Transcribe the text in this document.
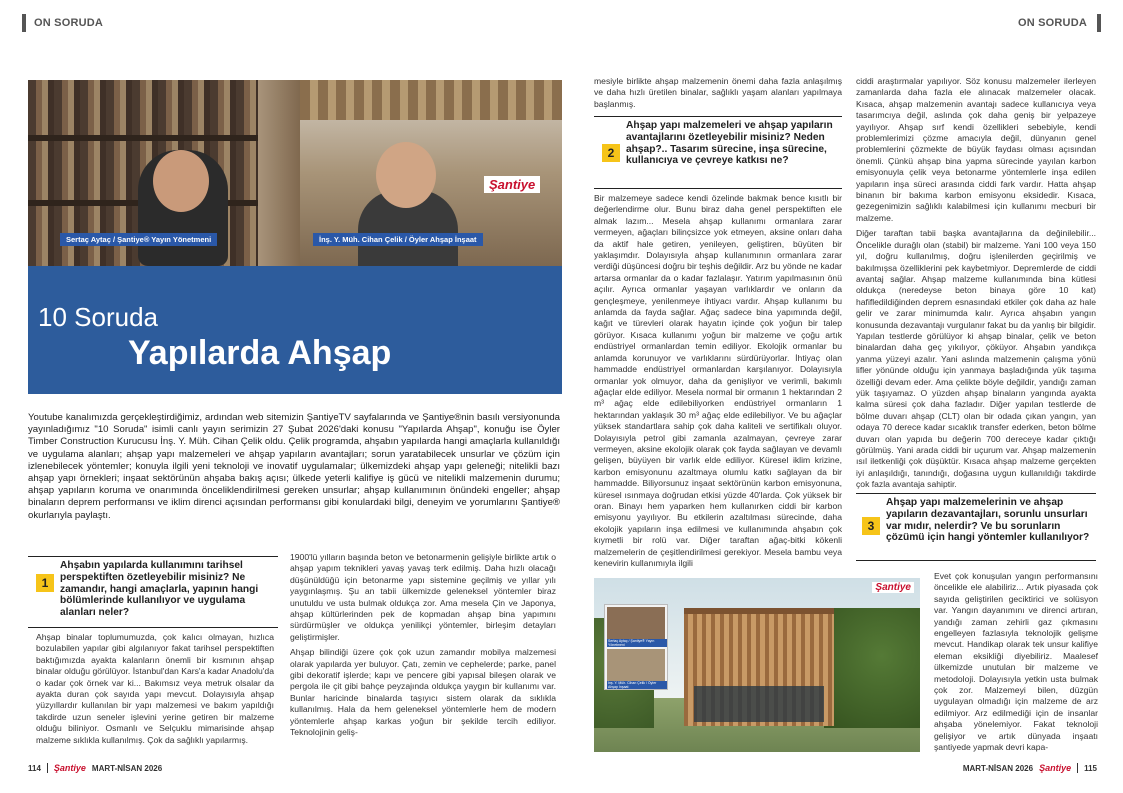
ON SORUDA	ON SORUDA
Şantiye
Sertaç Aytaç / Şantiye® Yayın Yönetmeni	İnş. Y. Müh. Cihan Çelik / Öyler Ahşap İnşaat
10 Soruda
Yapılarda Ahşap
Youtube kanalımızda gerçekleştirdiğimiz, ardından web sitemizin ŞantiyeTV sayfalarında ve Şantiye®nin basılı versiyonunda yayınladığımız "10 Soruda" isimli canlı yayın serimizin 27 Şubat 2026'daki konusu "Yapılarda Ahşap", konuğu ise Öyler Timber Construction Kurucusu İnş. Y. Müh. Cihan Çelik oldu. Çelik programda, ahşabın yapılarda hangi amaçlarla kullanıldığı ve uygulama alanları; ahşap yapı malzemeleri ve ahşap yapıların avantajları; sorun yaratabilecek unsurlar ve çözüm için izlenebilecek yöntemler; konuyla ilgili yeni teknoloji ve inovatif uygulamalar; ülkemizdeki ahşap yapı geleneği; nitelikli bazı ahşap yapı örnekleri; inşaat sektörünün ahşaba bakış açısı; ülkede yeterli kalifiye iş gücü ve nitelikli malzemenin durumu; ahşap yapıların koruma ve onarımında önceliklendirilmesi gereken unsurlar; ahşap kullanımının önündeki engeller; ahşap binaların deprem performansı ve iklim direnci açısından performansı gibi konulardaki bilgi, deneyim ve yorumlarını Şantiye® okurlarıyla paylaştı.
1
Ahşabın yapılarda kullanımını tarihsel perspektiften özetleyebilir misiniz? Ne zamandır, hangi amaçlarla, yapının hangi bölümlerinde kullanılıyor ve uygulama alanları neler?
Ahşap binalar toplumumuzda, çok kalıcı olmayan, hızlıca bozulabilen yapılar gibi algılanıyor fakat tarihsel perspektiften baktığımızda ayakta kalanların önemli bir kısmının ahşap binalar olduğu görülüyor. İstanbul'dan Kars'a kadar Anadolu'da o kadar çok örnek var ki... Bakımsız veya metruk olsalar da ayakta duran çok sayıda yapı mevcut. Dolayısıyla ahşap yüzyıllardır kullanılan bir yapı malzemesi ve bakım yapıldığı takdirde uzun seneler işlevini yerine getiren bir malzeme olduğu biliniyor. Osmanlı ve Selçuklu mimarisinde ahşap malzeme sıklıkla kullanılmış. Çok da sağlıklı yapılarmış.

1900'lü yılların başında beton ve betonarmenin gelişiyle birlikte artık o ahşap yapım teknikleri yavaş yavaş terk edilmiş. Daha hızlı olacağı düşünüldüğü için betonarme yapı sistemine geçilmiş ve yıllar yılı yaygınlaşmış. Şu an tabii ülkemizde geleneksel yöntemler biraz unutuldu ve usta bulmak oldukça zor. Ama mesela Çin ve Japonya, ahşap kültürlerinden pek de kopmadan ahşap bina yapımını sürdürmüşler ve oldukça yenilikçi yöntemler, birleşim detayları geliştirmişler.

Ahşap bilindiği üzere çok çok uzun zamandır mobilya malzemesi olarak yapılarda yer buluyor. Çatı, zemin ve cephelerde; parke, panel gibi dekoratif işlerde; kapı ve pencere gibi yapısal bileşen olarak ve pergola ile çit gibi bahçe peyzajında oldukça yaygın bir kullanımı var. Bunlar haricinde binalarda taşıyıcı sistem olarak da sıklıkla kullanılmış. Hala da hem geleneksel yöntemlerle hem de modern yöntemlerle ahşap karkas yoğun bir şekilde tercih ediliyor. Teknolojinin geliş-

mesiyle birlikte ahşap malzemenin önemi daha fazla anlaşılmış ve daha hızlı üretilen binalar, sağlıklı yaşam alanları yapılmaya başlanmış.
2
Ahşap yapı malzemeleri ve ahşap yapıların avantajlarını özetleyebilir misiniz? Neden ahşap?.. Tasarım sürecine, inşa sürecine, kullanıcıya ve çevreye katkısı ne?
Bir malzemeye sadece kendi özelinde bakmak bence kısıtlı bir değerlendirme olur. Bunu biraz daha genel perspektiften ele almak lazım... Mesela ahşap kullanımı ormanlara zarar vermeyen, ağaçları bilinçsizce yok etmeyen, aksine onları daha da aktif hale getiren, yenileyen, geliştiren, büyüten bir yaklaşımdır. Dolayısıyla ahşap kullanımının ormanlara zarar verdiği düşüncesi doğru bir teşhis değildir. Arz bu yönde ne kadar artarsa ormanlar da o kadar fazlalaşır. Yatırım yapılmasının önü açılır. Ayrıca ormanlar yaşayan varlıklardır ve onların da gençleşmeye, yenilenmeye ihtiyacı vardır. Ahşap kullanımı bu anlamda da fayda sağlar. Ağaç sadece bina yapımında değil, kağıt ve türevleri olarak hayatın içinde çok yoğun bir talep görüyor. Kısaca kullanımı yoğun bir malzeme ve çoğu artık endüstriyel ormanlardan temin ediliyor. Ekolojik ormanlar bu anlamda korunuyor ve varlıklarını sürdürüyorlar. İhtiyaç olan hammadde endüstriyel ormanlardan karşılanıyor. Dolayısıyla ormanlar yok olmuyor, daha da genişliyor ve verimli, bakımlı ağaçlar elde ediliyor. Mesela normal bir ormanın 1 hektarından 2 m³ ağaç elde edilebiliyorken endüstriyel ormanların 1 hektarından yaklaşık 30 m³ ağaç elde edilebiliyor. Ve bu ağaçlar yüksek standartlara sahip çok daha kaliteli ve sertifikalı oluyor. Dolayısıyla petrol gibi zamanla azalmayan, çevreye zarar vermeyen, aksine ekolojik olarak çok fayda sağlayan ve devamlı gelişen, büyüyen bir varlık elde ediliyor. Küresel iklim krizine, karbon emisyonunu azaltmaya olumlu katkı sağlayan da bir hammadde. Biliyorsunuz inşaat sektörünün karbon emisyonuna, küresel ısınmaya doğrudan etkisi yüzde 40'larda. Çok yüksek bir oran. Binayı hem yaparken hem kullanırken ciddi bir karbon emisyonu yayılıyor. Bu etkilerin azaltılması sürecinde, daha ekolojik yapıların inşa edilmesi ve kullanımında ahşabın çok kıymetli bir rolü var. Diğer taraftan ağaç-bitki kökenli malzemelerin de çeşitlendirilmesi gerekiyor. Mesela bambu veya kenevirin kullanımıyla ilgili

ciddi araştırmalar yapılıyor. Söz konusu malzemeler ilerleyen zamanlarda daha fazla ele alınacak malzemeler olacak. Kısaca, ahşap malzemenin avantajı sadece kullanıcıya veya tasarımcıya değil, aslında çok daha geniş bir yelpazeye yayılıyor. Ahşap sırf kendi özellikleri sebebiyle, kendi problemlerimizi çözme amacıyla değil, dünyanın genel problemlerini çözmekte de büyük faydası olması açısından önemli. Çünkü ahşap bina yapma sürecinde yayılan karbon emisyonuyla çelik veya betonarme yöntemlerle inşa edilen yapıların inşa süreci arasında ciddi fark vardır. Hatta ahşap binanın bir bakıma karbon emisyonu eksidedir. Kısaca, gezegenimizin sağlıklı kalabilmesi için kullanımı mecburi bir malzeme.

Diğer taraftan tabii başka avantajlarına da değinilebilir... Öncelikle durağlı olan (stabil) bir malzeme. Yani 100 veya 150 yıl, doğru kullanılmış, doğru işlenilerden geçirilmiş ve bakılmışsa özelliklerini pek kaybetmiyor. Depremlerde de ciddi avantaj sağlar. Ahşap malzeme kullanımında bina kütlesi oldukça (neredeyse beton binaya göre 10 kat) hafifledildiğinden deprem esnasındaki etkiler çok daha az hale gelir ve zarar minimumda kalır. Ayrıca ahşabın yangın konusunda dezavantajı vurgulanır fakat bu da yanlış bir bilgidir. Yapılan testlerde görülüyor ki ahşap binalar, çelik ve beton binalardan daha geç yıkılıyor, çöküyor. Ahşabın yandıkça yanma yüzeyi azalır. Yani aslında malzemenin çalışma yönü lifler yönünde olduğu için yanmaya başladığında yük taşıma özelliği devam eder. Ama çelikte böyle değildir, yandığı zaman yük taşıyamaz. O yüzden ahşap binaların yangında ayakta kalma süresi çok daha fazladır. Diğer yapılan testlerde de bölme duvarı ahşap (CLT) olan bir odada çıkan yangın, yan odaya 70 derece kadar sıcaklık transfer ederken, beton bölme duvarı olan yapıda bu değerin 700 dereceye kadar çıktığı görülmüş. Yani arada ciddi bir uçurum var. Ahşap malzemenin ısıl iletkenliği çok düşüktür. Kısaca ahşap malzeme gerçekten iyi anlaşıldığı, tanındığı, doğasına uygun kullanıldığı takdirde çok fazla avantaja sahiptir.

3
Ahşap yapı malzemelerinin ve ahşap yapıların dezavantajları, sorunlu unsurları var mıdır, nelerdir? Ve bu sorunların çözümü için hangi yöntemler kullanılıyor?
Sertaç Aytaç / Şantiye® Yayın Yönetmeni
İnş. Y. Müh. Cihan Çelik / Öyler Ahşap İnşaat
Şantiye
Evet çok konuşulan yangın performansını öncelikle ele alabiliriz... Artık piyasada çok sayıda geliştirilen geciktirici ve solüsyon var. Yangın dayanımını ve direnci artıran, yandığı zaman zehirli gaz çıkmasını engelleyen fazlasıyla teknolojik gelişme mevcut. Handikap olarak tek unsur kalifiye eleman eksikliği diyebiliriz. Maalesef ülkemizde unutulan bir malzeme ve metodoloji. Dolayısıyla yetkin usta bulmak çok zor. Malzemeyi bilen, düzgün uygulayan olmadığı için malzeme de arz edilmiyor. Arz edilmediği için de insanlar ahşaba yönelemiyor. Fakat teknoloji gelişiyor ve artık dünyada inşaatı şantiyede yapmak devri kapa-
114 Şantiye MART-NİSAN 2026	MART-NİSAN 2026 Şantiye 115
